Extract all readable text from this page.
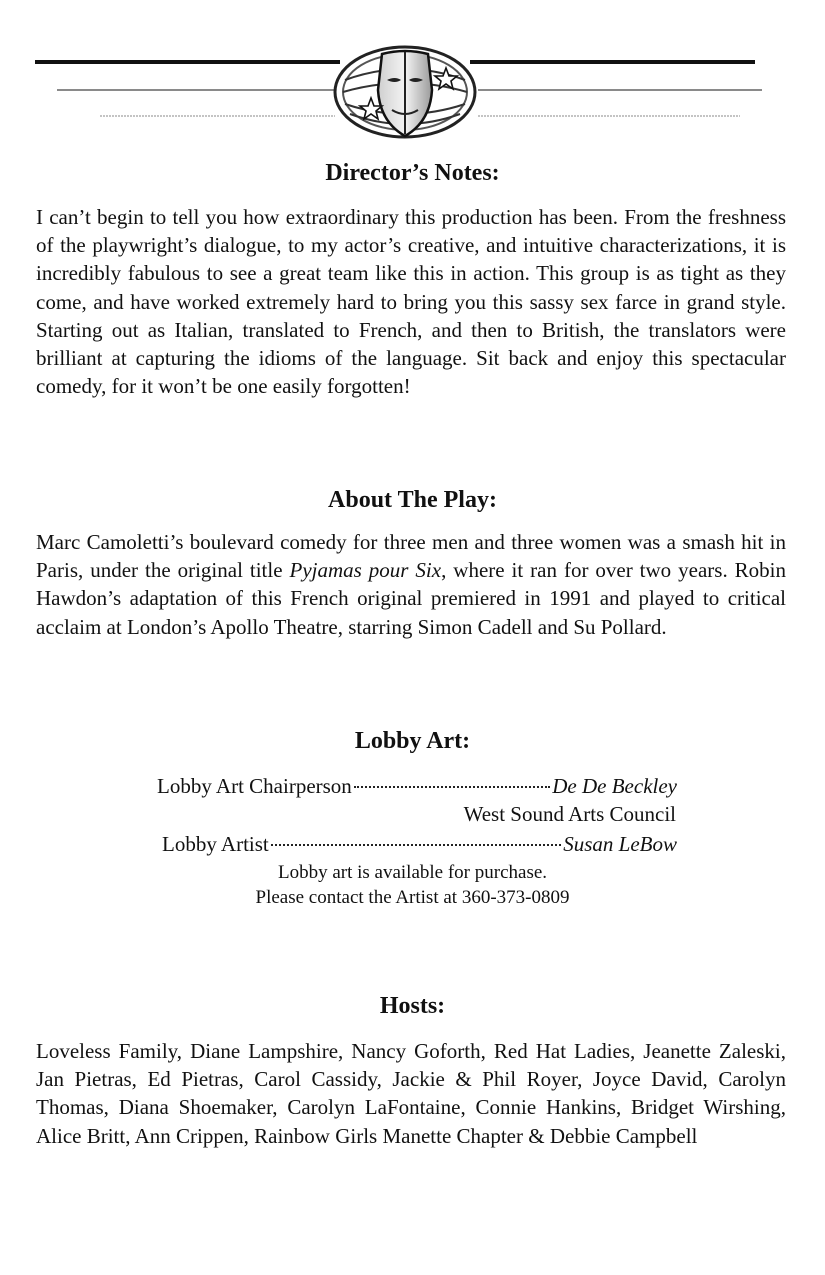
Director’s Notes:

I can’t begin to tell you how extraordinary this production has been. From the freshness of the playwright’s dialogue, to my actor’s creative, and intuitive characterizations, it is incredibly fabulous to see a great team like this in action. This group is as tight as they come, and have worked extremely hard to bring you this sassy sex farce in grand style. Starting out as Italian, translated to French, and then to British, the translators were brilliant at capturing the idioms of the language. Sit back and enjoy this spectacular comedy, for it won’t be one easily forgotten!

About The Play:

Marc Camoletti’s boulevard comedy for three men and three women was a smash hit in Paris, under the original title Pyjamas pour Six, where it ran for over two years. Robin Hawdon’s adaptation of this French original premiered in 1991 and played to critical acclaim at London’s Apollo Theatre, starring Simon Cadell and Su Pollard.

Lobby Art:
Lobby Art Chairperson	De De Beckley
West Sound Arts Council
Lobby Artist	Susan LeBow
Lobby art is available for purchase.
Please contact the Artist at 360-373-0809
Hosts:

Loveless Family, Diane Lampshire, Nancy Goforth, Red Hat Ladies, Jeanette Zaleski, Jan Pietras, Ed Pietras, Carol Cassidy, Jackie & Phil Royer, Joyce David, Carolyn Thomas, Diana Shoemaker, Carolyn LaFontaine, Connie Hankins, Bridget Wirshing, Alice Britt, Ann Crippen, Rainbow Girls Manette Chapter & Debbie Campbell
